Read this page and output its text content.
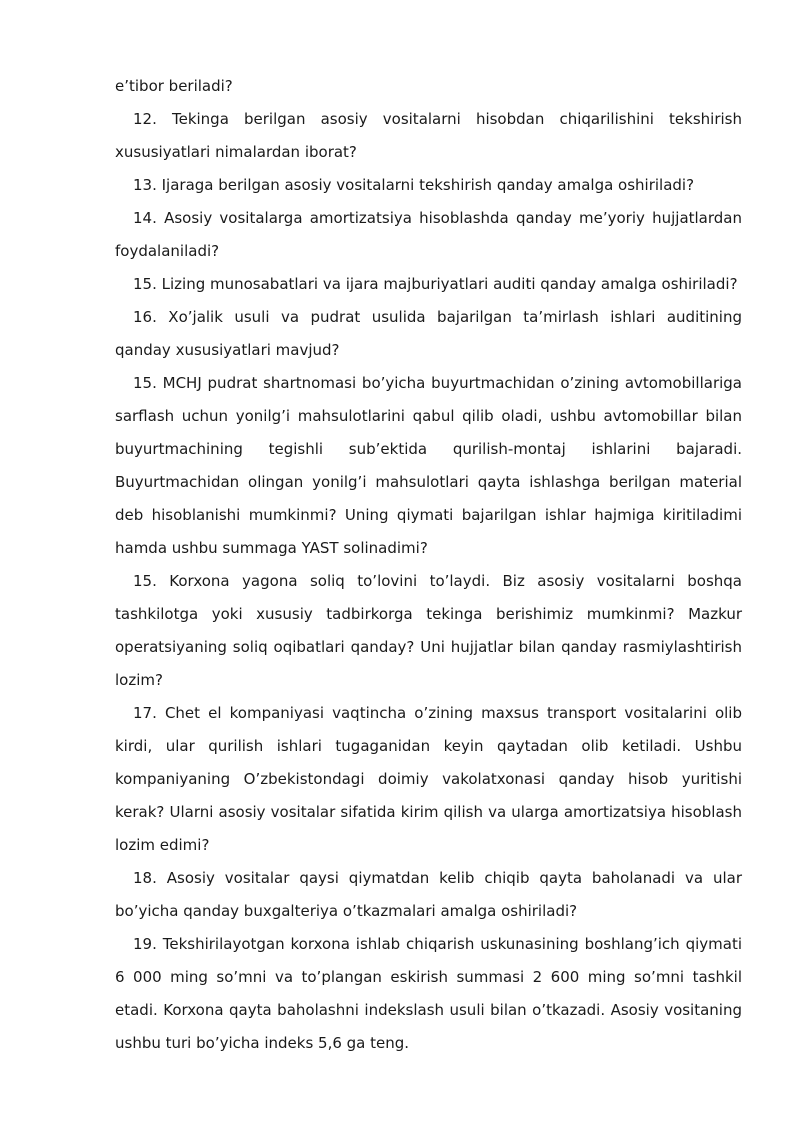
e’tibor beriladi?

12. Tekinga berilgan asosiy vositalarni hisobdan chiqarilishini tekshirish xususiyatlari nimalardan iborat?

13. Ijaraga berilgan asosiy vositalarni tekshirish qanday amalga oshiriladi?

14. Asosiy vositalarga amortizatsiya hisoblashda qanday me’yoriy hujjatlardan foydalaniladi?

15. Lizing munosabatlari va ijara majburiyatlari auditi qanday amalga oshiriladi?

16. Xo’jalik usuli va pudrat usulida bajarilgan ta’mirlash ishlari auditining qanday xususiyatlari mavjud?

15. MCHJ pudrat shartnomasi bo’yicha buyurtmachidan o’zining avtomobillariga sarflash uchun yonilg’i mahsulotlarini qabul qilib oladi, ushbu avtomobillar bilan buyurtmachining tegishli sub’ektida qurilish-montaj ishlarini bajaradi. Buyurtmachidan olingan yonilg’i mahsulotlari qayta ishlashga berilgan material deb hisoblanishi mumkinmi? Uning qiymati bajarilgan ishlar hajmiga kiritiladimi hamda ushbu summaga YAST solinadimi?

15. Korxona yagona soliq to’lovini to’laydi. Biz asosiy vositalarni boshqa tashkilotga yoki xususiy tadbirkorga tekinga berishimiz mumkinmi? Mazkur operatsiyaning soliq oqibatlari qanday? Uni hujjatlar bilan qanday rasmiylashtirish lozim?

17. Chet el kompaniyasi vaqtincha o’zining maxsus transport vositalarini olib kirdi, ular qurilish ishlari tugaganidan keyin qaytadan olib ketiladi. Ushbu kompaniyaning O’zbekistondagi doimiy vakolatxonasi qanday hisob yuritishi kerak? Ularni asosiy vositalar sifatida kirim qilish va ularga amortizatsiya hisoblash lozim edimi?

18. Asosiy vositalar qaysi qiymatdan kelib chiqib qayta baholanadi va ular bo’yicha qanday buxgalteriya o’tkazmalari amalga oshiriladi?

19. Tekshirilayotgan korxona ishlab chiqarish uskunasining boshlang’ich qiymati 6 000 ming so’mni va to’plangan eskirish summasi 2 600 ming so’mni tashkil etadi. Korxona qayta baholashni indekslash usuli bilan o’tkazadi. Asosiy vositaning ushbu turi bo’yicha indeks 5,6 ga teng.
